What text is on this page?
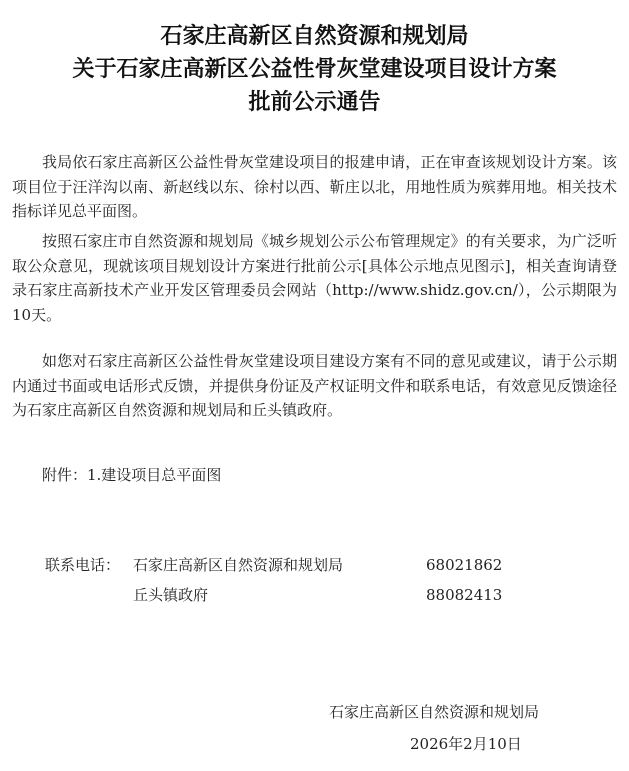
石家庄高新区自然资源和规划局
关于石家庄高新区公益性骨灰堂建设项目设计方案
批前公示通告

我局依石家庄高新区公益性骨灰堂建设项目的报建申请，正在审查该规划设计方案。该项目位于汪洋沟以南、新赵线以东、徐村以西、靳庄以北，用地性质为殡葬用地。相关技术指标详见总平面图。

按照石家庄市自然资源和规划局《城乡规划公示公布管理规定》的有关要求，为广泛听取公众意见，现就该项目规划设计方案进行批前公示[具体公示地点见图示]，相关查询请登录石家庄高新技术产业开发区管理委员会网站（http://www.shidz.gov.cn/），公示期限为10天。

如您对石家庄高新区公益性骨灰堂建设项目建设方案有不同的意见或建议，请于公示期内通过书面或电话形式反馈，并提供身份证及产权证明文件和联系电话，有效意见反馈途径为石家庄高新区自然资源和规划局和丘头镇政府。

附件：1.建设项目总平面图
联系电话： 石家庄高新区自然资源和规划局	68021862
丘头镇政府	88082413
石家庄高新区自然资源和规划局
2026年2月10日
